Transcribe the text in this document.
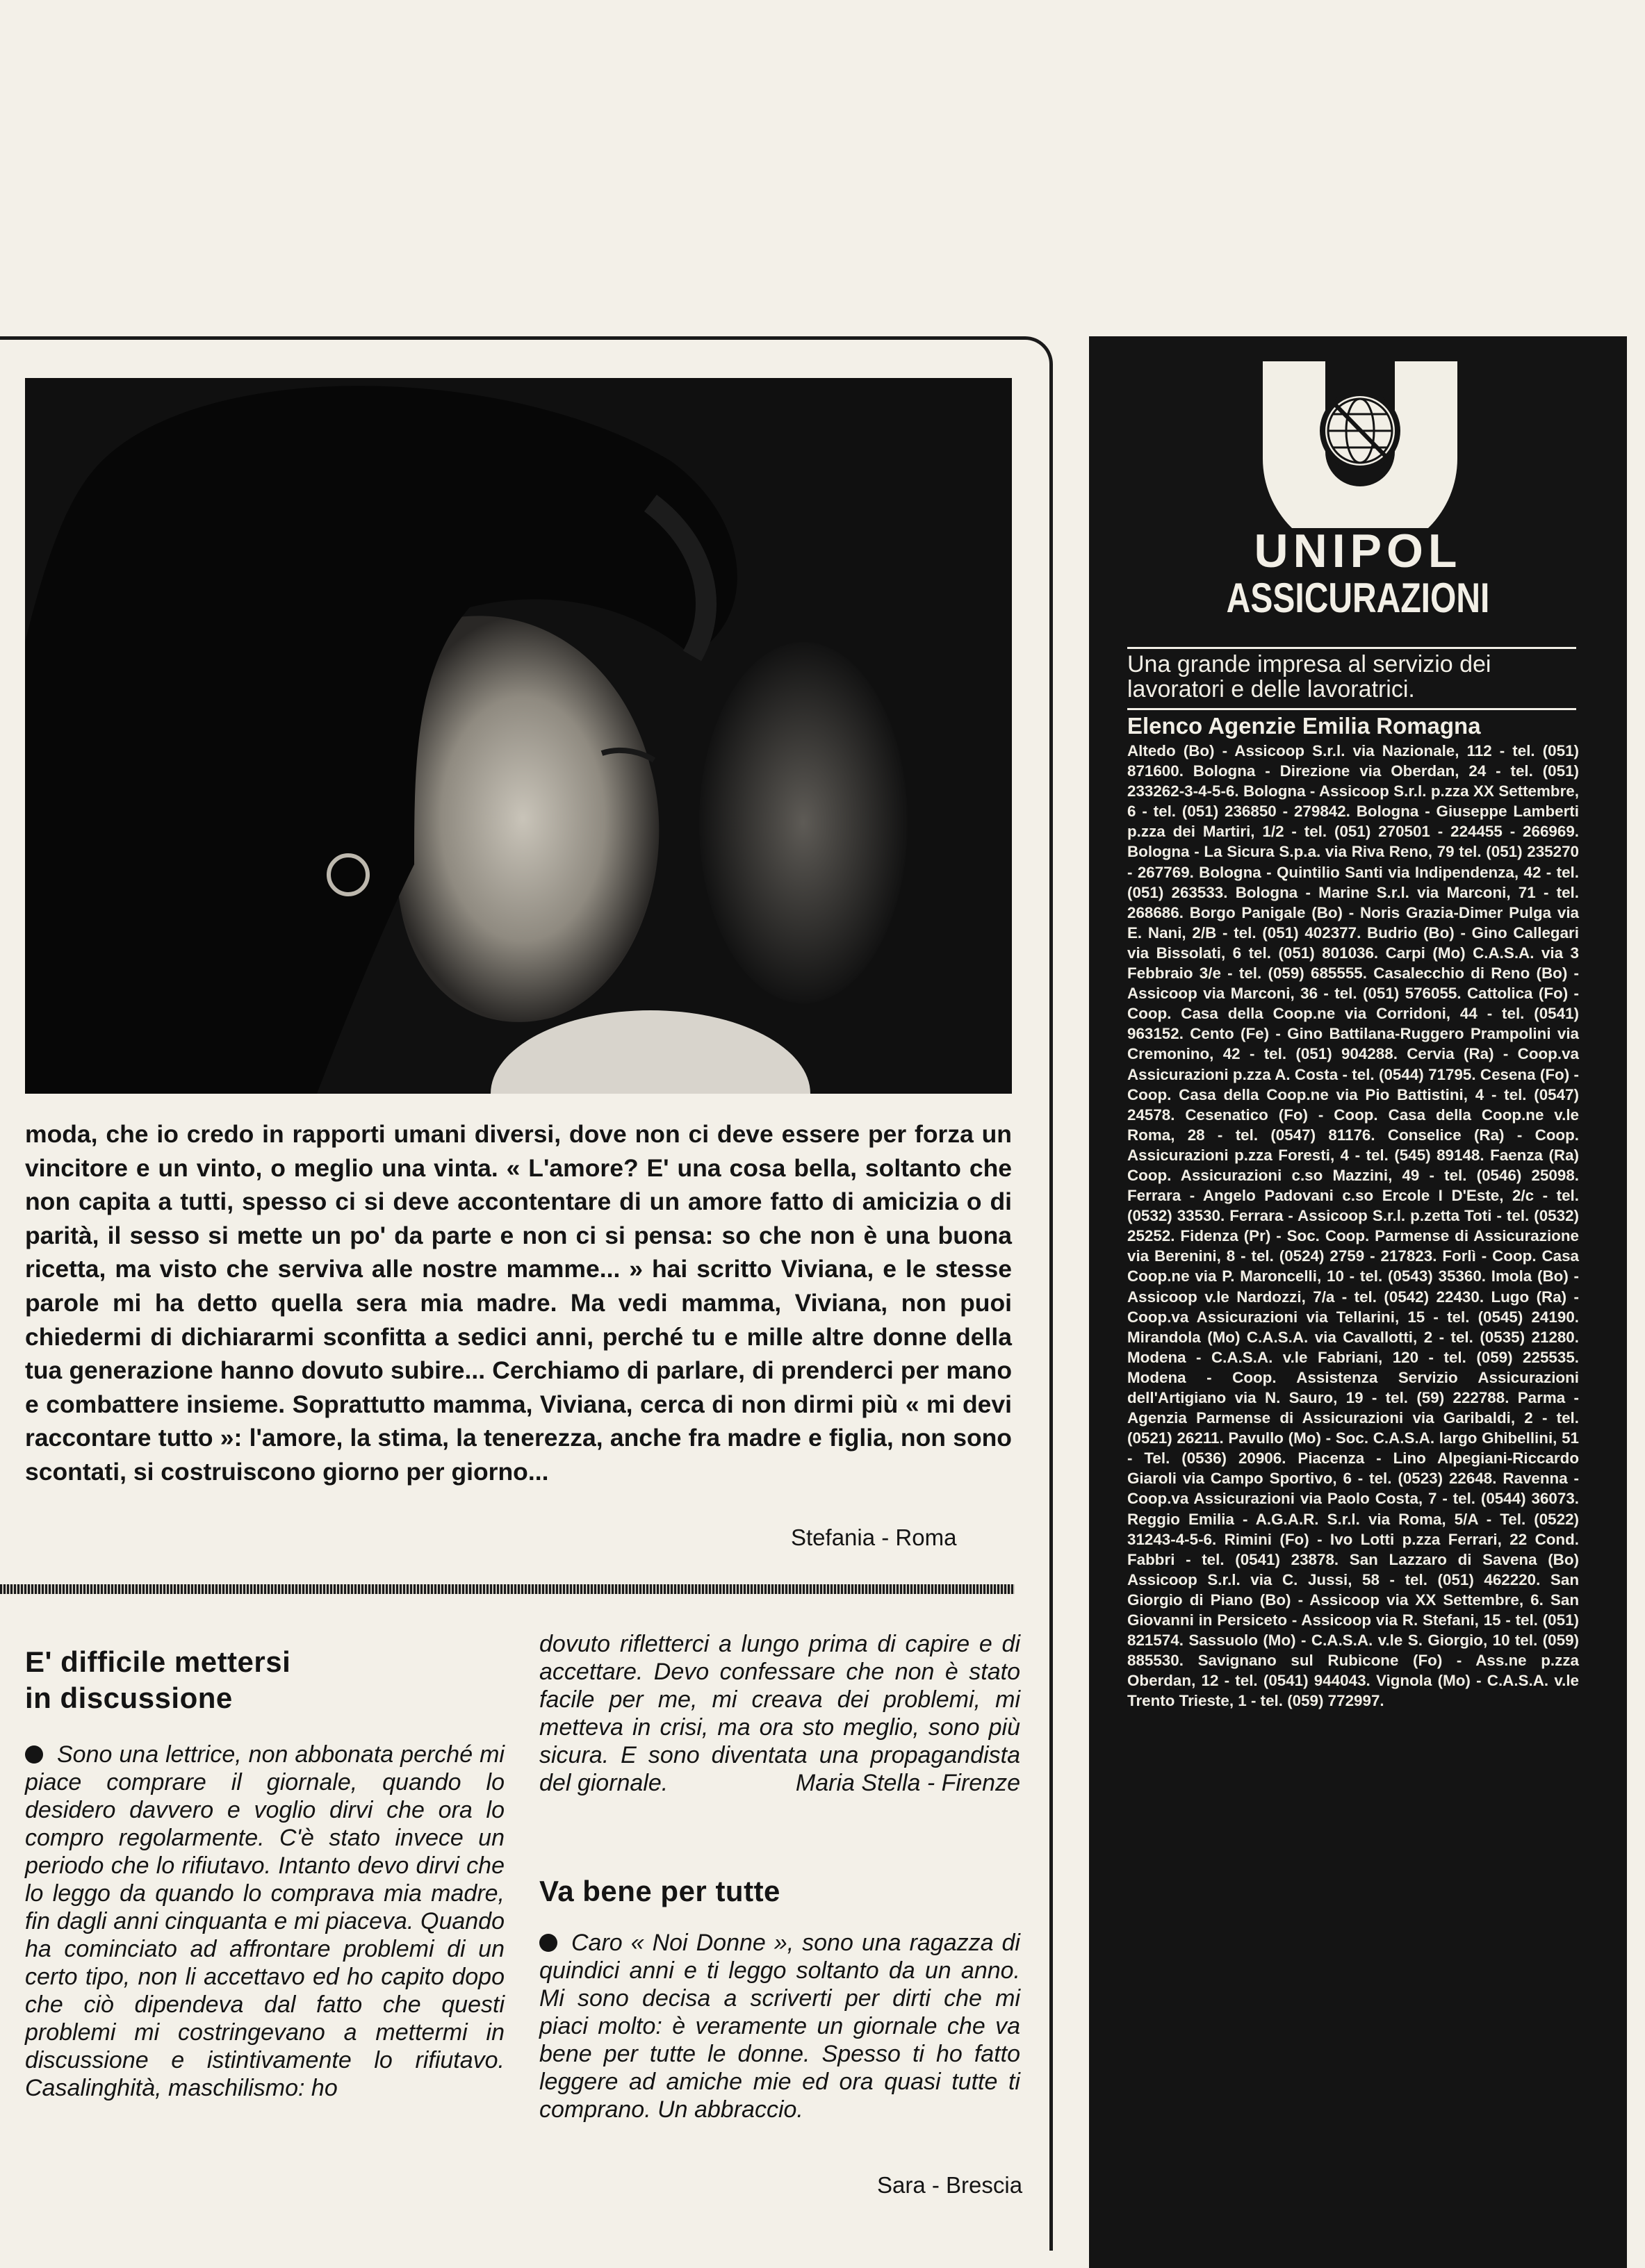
moda, che io credo in rapporti umani diversi, dove non ci deve essere per forza un vincitore e un vinto, o meglio una vinta. « L'amore? E' una cosa bella, soltanto che non capita a tutti, spesso ci si deve accontentare di un amore fatto di amicizia o di parità, il sesso si mette un po' da parte e non ci si pensa: so che non è una buona ricetta, ma visto che serviva alle nostre mamme... » hai scritto Viviana, e le stesse parole mi ha detto quella sera mia madre. Ma vedi mamma, Viviana, non puoi chiedermi di dichiararmi sconfitta a sedici anni, perché tu e mille altre donne della tua generazione hanno dovuto subire... Cerchiamo di parlare, di prenderci per mano e combattere insieme. Soprattutto mamma, Viviana, cerca di non dirmi più « mi devi raccontare tutto »: l'amore, la stima, la tenerezza, anche fra madre e figlia, non sono scontati, si costruiscono giorno per giorno...
Stefania - Roma
E' difficile mettersi
in discussione
Sono una lettrice, non abbonata perché mi piace comprare il giornale, quando lo desidero davvero e voglio dirvi che ora lo compro regolarmente. C'è stato invece un periodo che lo rifiutavo. Intanto devo dirvi che lo leggo da quando lo comprava mia madre, fin dagli anni cinquanta e mi piaceva. Quando ha cominciato ad affrontare problemi di un certo tipo, non li accettavo ed ho capito dopo che ciò dipendeva dal fatto che questi problemi mi costringevano a mettermi in discussione e istintivamente lo rifiutavo. Casalinghità, maschilismo: ho
dovuto rifletterci a lungo prima di capire e di accettare. Devo confessare che non è stato facile per me, mi creava dei problemi, mi metteva in crisi, ma ora sto meglio, sono più sicura. E sono diventata una propagandista del giornale.	Maria Stella - Firenze
Va bene per tutte
Caro « Noi Donne », sono una ragazza di quindici anni e ti leggo soltanto da un anno. Mi sono decisa a scriverti per dirti che mi piaci molto: è veramente un giornale che va bene per tutte le donne. Spesso ti ho fatto leggere ad amiche mie ed ora quasi tutte ti comprano. Un abbraccio.
Sara - Brescia
UNIPOL
ASSICURAZIONI
Una grande impresa al servizio dei lavoratori e delle lavoratrici.
Elenco Agenzie Emilia Romagna
Altedo (Bo) - Assicoop S.r.l. via Nazionale, 112 - tel. (051) 871600. Bologna - Direzione via Oberdan, 24 - tel. (051) 233262-3-4-5-6. Bologna - Assicoop S.r.l. p.zza XX Settembre, 6 - tel. (051) 236850 - 279842. Bologna - Giuseppe Lamberti p.zza dei Martiri, 1/2 - tel. (051) 270501 - 224455 - 266969. Bologna - La Sicura S.p.a. via Riva Reno, 79 tel. (051) 235270 - 267769. Bologna - Quintilio Santi via Indipendenza, 42 - tel. (051) 263533. Bologna - Marine S.r.l. via Marconi, 71 - tel. 268686. Borgo Panigale (Bo) - Noris Grazia-Dimer Pulga via E. Nani, 2/B - tel. (051) 402377. Budrio (Bo) - Gino Callegari via Bissolati, 6 tel. (051) 801036. Carpi (Mo) C.A.S.A. via 3 Febbraio 3/e - tel. (059) 685555. Casalecchio di Reno (Bo) - Assicoop via Marconi, 36 - tel. (051) 576055. Cattolica (Fo) - Coop. Casa della Coop.ne via Corridoni, 44 - tel. (0541) 963152. Cento (Fe) - Gino Battilana-Ruggero Prampolini via Cremonino, 42 - tel. (051) 904288. Cervia (Ra) - Coop.va Assicurazioni p.zza A. Costa - tel. (0544) 71795. Cesena (Fo) - Coop. Casa della Coop.ne via Pio Battistini, 4 - tel. (0547) 24578. Cesenatico (Fo) - Coop. Casa della Coop.ne v.le Roma, 28 - tel. (0547) 81176. Conselice (Ra) - Coop. Assicurazioni p.zza Foresti, 4 - tel. (545) 89148. Faenza (Ra) Coop. Assicurazioni c.so Mazzini, 49 - tel. (0546) 25098. Ferrara - Angelo Padovani c.so Ercole I D'Este, 2/c - tel. (0532) 33530. Ferrara - Assicoop S.r.l. p.zetta Toti - tel. (0532) 25252. Fidenza (Pr) - Soc. Coop. Parmense di Assicurazione via Berenini, 8 - tel. (0524) 2759 - 217823. Forlì - Coop. Casa Coop.ne via P. Maroncelli, 10 - tel. (0543) 35360. Imola (Bo) - Assicoop v.le Nardozzi, 7/a - tel. (0542) 22430. Lugo (Ra) - Coop.va Assicurazioni via Tellarini, 15 - tel. (0545) 24190. Mirandola (Mo) C.A.S.A. via Cavallotti, 2 - tel. (0535) 21280. Modena - C.A.S.A. v.le Fabriani, 120 - tel. (059) 225535. Modena - Coop. Assistenza Servizio Assicurazioni dell'Artigiano via N. Sauro, 19 - tel. (59) 222788. Parma - Agenzia Parmense di Assicurazioni via Garibaldi, 2 - tel. (0521) 26211. Pavullo (Mo) - Soc. C.A.S.A. largo Ghibellini, 51 - Tel. (0536) 20906. Piacenza - Lino Alpegiani-Riccardo Giaroli via Campo Sportivo, 6 - tel. (0523) 22648. Ravenna - Coop.va Assicurazioni via Paolo Costa, 7 - tel. (0544) 36073. Reggio Emilia - A.G.A.R. S.r.l. via Roma, 5/A - Tel. (0522) 31243-4-5-6. Rimini (Fo) - Ivo Lotti p.zza Ferrari, 22 Cond. Fabbri - tel. (0541) 23878. San Lazzaro di Savena (Bo) Assicoop S.r.l. via C. Jussi, 58 - tel. (051) 462220. San Giorgio di Piano (Bo) - Assicoop via XX Settembre, 6. San Giovanni in Persiceto - Assicoop via R. Stefani, 15 - tel. (051) 821574. Sassuolo (Mo) - C.A.S.A. v.le S. Giorgio, 10 tel. (059) 885530. Savignano sul Rubicone (Fo) - Ass.ne p.zza Oberdan, 12 - tel. (0541) 944043. Vignola (Mo) - C.A.S.A. v.le Trento Trieste, 1 - tel. (059) 772997.
